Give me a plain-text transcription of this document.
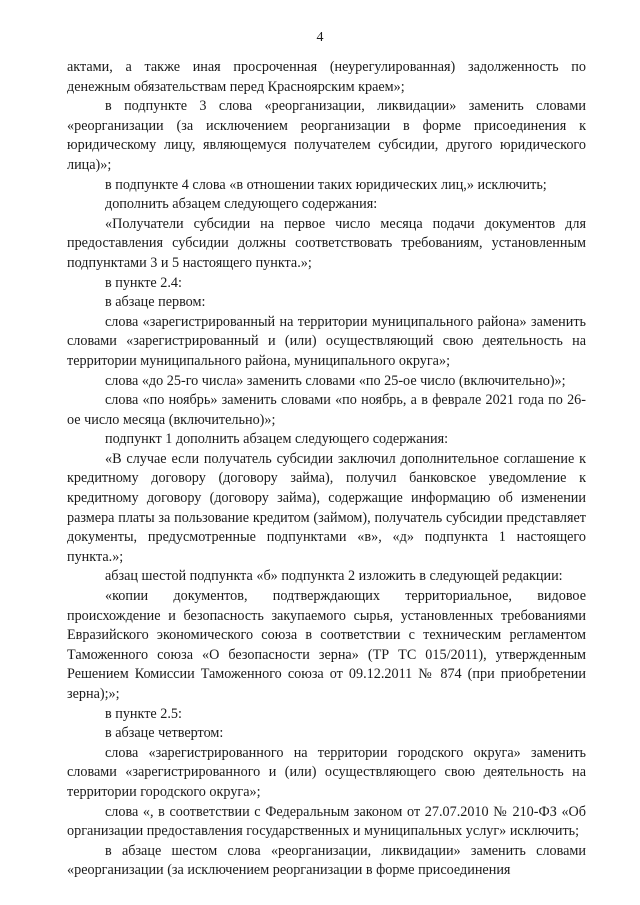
4

актами, а также иная просроченная (неурегулированная) задолженность по денежным обязательствам перед Красноярским краем»;

в подпункте 3 слова «реорганизации, ликвидации» заменить словами «реорганизации (за исключением реорганизации в форме присоединения к юридическому лицу, являющемуся получателем субсидии, другого юридического лица)»;

в подпункте 4 слова «в отношении таких юридических лиц,» исключить;

дополнить абзацем следующего содержания:

«Получатели субсидии на первое число месяца подачи документов для предоставления субсидии должны соответствовать требованиям, установленным подпунктами 3 и 5 настоящего пункта.»;

в пункте 2.4:

в абзаце первом:

слова «зарегистрированный на территории муниципального района» заменить словами «зарегистрированный и (или) осуществляющий свою деятельность на территории муниципального района, муниципального округа»;

слова «до 25-го числа» заменить словами «по 25-ое число (включительно)»;

слова «по ноябрь» заменить словами «по ноябрь, а в феврале 2021 года по 26-ое число месяца (включительно)»;

подпункт 1 дополнить абзацем следующего содержания:

«В случае если получатель субсидии заключил дополнительное соглашение к кредитному договору (договору займа), получил банковское уведомление к кредитному договору (договору займа), содержащие информацию об изменении размера платы за пользование кредитом (займом), получатель субсидии представляет документы, предусмотренные подпунктами «в», «д» подпункта 1 настоящего пункта.»;

абзац шестой подпункта «б» подпункта 2 изложить в следующей редакции:

«копии документов, подтверждающих территориальное, видовое происхождение и безопасность закупаемого сырья, установленных требованиями Евразийского экономического союза в соответствии с техническим регламентом Таможенного союза «О безопасности зерна» (ТР ТС 015/2011), утвержденным Решением Комиссии Таможенного союза от 09.12.2011 № 874 (при приобретении зерна);»;

в пункте 2.5:

в абзаце четвертом:

слова «зарегистрированного на территории городского округа» заменить словами «зарегистрированного и (или) осуществляющего свою деятельность на территории городского округа»;

слова «, в соответствии с Федеральным законом от 27.07.2010 № 210-ФЗ «Об организации предоставления государственных и муниципальных услуг» исключить;

в абзаце шестом слова «реорганизации, ликвидации» заменить словами «реорганизации (за исключением реорганизации в форме присоединения
